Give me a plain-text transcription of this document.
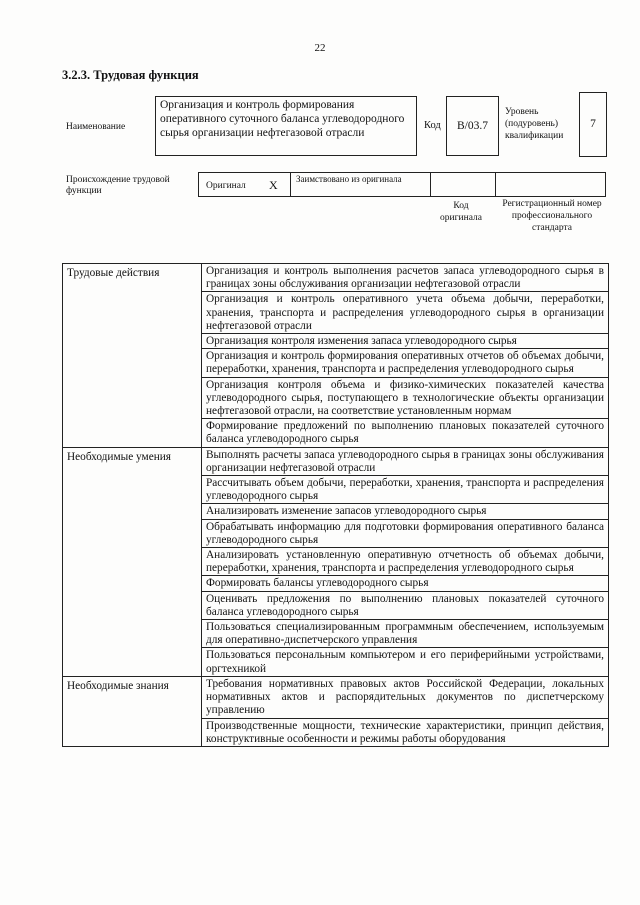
22
3.2.3. Трудовая функция
Наименование
Организация и контроль формирования оперативного суточного баланса углеводородного сырья организации нефтегазовой отрасли
Код	В/03.7
Уровень (подуровень) квалификации
7
Происхождение трудовой функции	Оригинал X	Заимствовано из оригинала
Код оригинала
Регистрационный номер профессионального стандарта
Трудовые действия	Организация и контроль выполнения расчетов запаса углеводородного сырья в границах зоны обслуживания организации нефтегазовой отрасли
	Организация и контроль оперативного учета объема добычи, переработки, хранения, транспорта и распределения углеводородного сырья в организации нефтегазовой отрасли
	Организация контроля изменения запаса углеводородного сырья
	Организация и контроль формирования оперативных отчетов об объемах добычи, переработки, хранения, транспорта и распределения углеводородного сырья
	Организация контроля объема и физико-химических показателей качества углеводородного сырья, поступающего в технологические объекты организации нефтегазовой отрасли, на соответствие установленным нормам
	Формирование предложений по выполнению плановых показателей суточного баланса углеводородного сырья
Необходимые умения	Выполнять расчеты запаса углеводородного сырья в границах зоны обслуживания организации нефтегазовой отрасли
	Рассчитывать объем добычи, переработки, хранения, транспорта и распределения углеводородного сырья
	Анализировать изменение запасов углеводородного сырья
	Обрабатывать информацию для подготовки формирования оперативного баланса углеводородного сырья
	Анализировать установленную оперативную отчетность об объемах добычи, переработки, хранения, транспорта и распределения углеводородного сырья
	Формировать балансы углеводородного сырья
	Оценивать предложения по выполнению плановых показателей суточного баланса углеводородного сырья
	Пользоваться специализированным программным обеспечением, используемым для оперативно-диспетчерского управления
	Пользоваться персональным компьютером и его периферийными устройствами, оргтехникой
Необходимые знания	Требования нормативных правовых актов Российской Федерации, локальных нормативных актов и распорядительных документов по диспетчерскому управлению
	Производственные мощности, технические характеристики, принцип действия, конструктивные особенности и режимы работы оборудования
